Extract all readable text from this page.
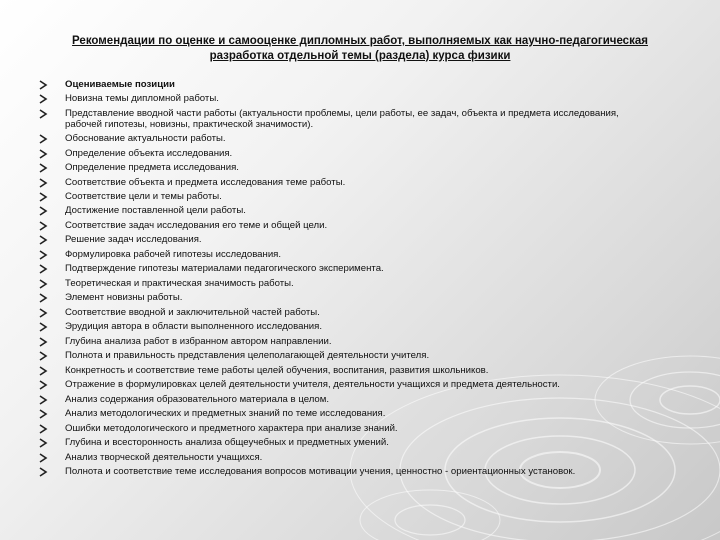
Рекомендации по оценке и самооценке дипломных работ, выполняемых как научно-педагогическая разработка отдельной темы (раздела) курса физики
Оцениваемые позиции
Новизна темы дипломной работы.
Представление вводной части работы (актуальности проблемы, цели работы, ее задач, объекта и предмета исследования, рабочей гипотезы, новизны, практической значимости).
Обоснование актуальности работы.
Определение объекта исследования.
Определение предмета исследования.
Соответствие объекта и предмета исследования теме работы.
Соответствие цели и темы работы.
Достижение поставленной цели работы.
Соответствие задач исследования его теме и общей цели.
Решение задач исследования.
Формулировка рабочей гипотезы исследования.
Подтверждение гипотезы материалами педагогического эксперимента.
Теоретическая и практическая значимость работы.
Элемент новизны работы.
Соответствие вводной и заключительной частей работы.
Эрудиция автора в области выполненного исследования.
Глубина анализа работ в избранном автором направлении.
Полнота и правильность представления целеполагающей деятельности учителя.
Конкретность и соответствие теме работы целей обучения, воспитания, развития школьников.
Отражение в формулировках целей деятельности учителя, деятельности учащихся и предмета деятельности.
Анализ содержания образовательного материала в целом.
Анализ методологических и предметных знаний по теме исследования.
Ошибки методологического и предметного характера при анализе знаний.
Глубина и всесторонность анализа общеучебных и предметных умений.
Анализ творческой деятельности учащихся.
Полнота и соответствие теме исследования вопросов мотивации учения, ценностно - ориентационных установок.
